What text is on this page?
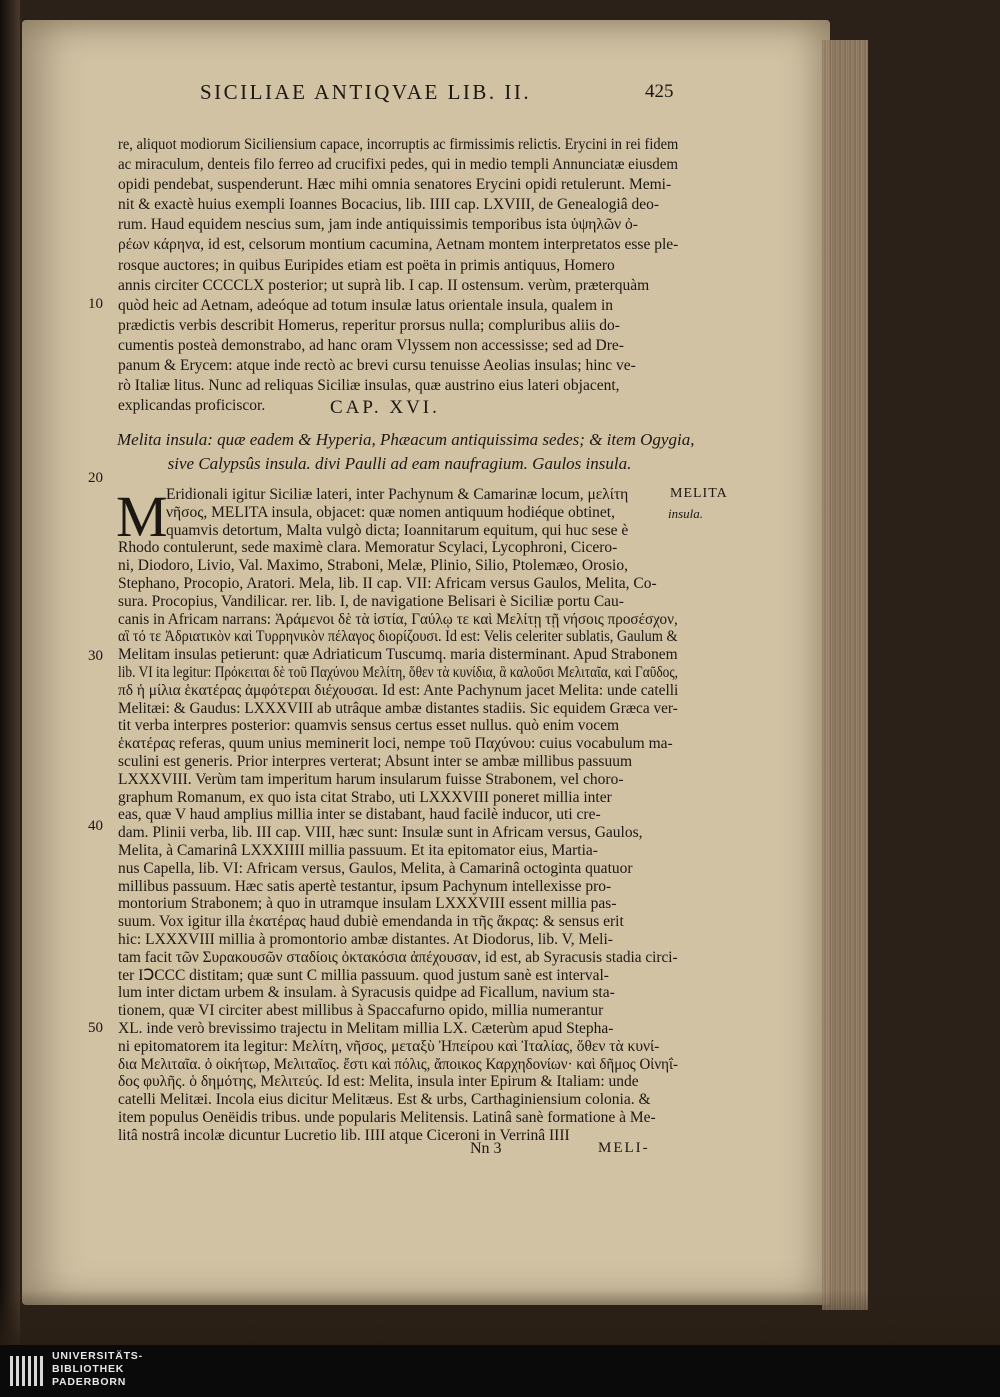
SICILIAE ANTIQVAE LIB. II.	425
re, aliquot modiorum Siciliensium capace, incorruptis ac firmissimis relictis. Erycini in rei fidem
ac miraculum, denteis filo ferreo ad crucifixi pedes, qui in medio templi Annunciatæ eiusdem
opidi pendebat, suspenderunt. Hæc mihi omnia senatores Erycini opidi retulerunt. Memi-
nit & exactè huius exempli Ioannes Bocacius, lib. IIII cap. LXVIII, de Genealogiâ deo-
rum. Haud equidem nescius sum, jam inde antiquissimis temporibus ista ὑψηλῶν ὀ-
ρέων κάρηνα, id est, celsorum montium cacumina, Aetnam montem interpretatos esse ple-
rosque auctores; in quibus Euripides etiam est poëta in primis antiquus, Homero
annis circiter CCCCLX posterior; ut suprà lib. I cap. II ostensum. verùm, præterquàm
quòd heic ad Aetnam, adeóque ad totum insulæ latus orientale insula, qualem in
prædictis verbis describit Homerus, reperitur prorsus nulla; compluribus aliis do-
cumentis posteà demonstrabo, ad hanc oram Vlyssem non accessisse; sed ad Dre-
panum & Erycem: atque inde rectò ac brevi cursu tenuisse Aeolias insulas; hinc ve-
rò Italiæ litus. Nunc ad reliquas Siciliæ insulas, quæ austrino eius lateri objacent,
explicandas proficiscor.	CAP. XVI.
Melita insula: quæ eadem & Hyperia, Phæacum antiquissima sedes; & item Ogygia,
sive Calypsûs insula. divi Paulli ad eam naufragium. Gaulos insula.
M
Eridionali igitur Siciliæ lateri, inter Pachynum & Camarinæ locum, μελίτη
νῆσος, MELITA insula, objacet: quæ nomen antiquum hodiéque obtinet,
quamvis detortum, Malta vulgò dicta; Ioannitarum equitum, qui huc sese è
Rhodo contulerunt, sede maximè clara. Memoratur Scylaci, Lycophroni, Cicero-
ni, Diodoro, Livio, Val. Maximo, Straboni, Melæ, Plinio, Silio, Ptolemæo, Orosio,
Stephano, Procopio, Aratori. Mela, lib. II cap. VII: Africam versus Gaulos, Melita, Co-
sura. Procopius, Vandilicar. rer. lib. I, de navigatione Belisari è Siciliæ portu Cau-
canis in Africam narrans: Ἀράμενοι δὲ τὰ ἱστία, Γαύλῳ τε καὶ Μελίτῃ τῇ νήσοις προσέσχον,
αἳ τό τε Ἀδριατικὸν καὶ Τυρρηνικὸν πέλαγος διορίζουσι. Id est: Velis celeriter sublatis, Gaulum &
Melitam insulas petierunt: quæ Adriaticum Tuscumq. maria disterminant. Apud Strabonem
lib. VI ita legitur: Πρόκειται δὲ τοῦ Παχύνου Μελίτη, ὅθεν τὰ κυνίδια, ἃ καλοῦσι Μελιταῖα, καὶ Γαῦδος,
πδ ἡ μίλια ἑκατέρας ἀμφότεραι διέχουσαι. Id est: Ante Pachynum jacet Melita: unde catelli
Melitæi: & Gaudus: LXXXVIII ab utrâque ambæ distantes stadiis. Sic equidem Græca ver-
tit verba interpres posterior: quamvis sensus certus esset nullus. quò enim vocem
ἑκατέρας referas, quum unius meminerit loci, nempe τοῦ Παχύνου: cuius vocabulum ma-
sculini est generis. Prior interpres verterat; Absunt inter se ambæ millibus passuum
LXXXVIII. Verùm tam imperitum harum insularum fuisse Strabonem, vel choro-
graphum Romanum, ex quo ista citat Strabo, uti LXXXVIII poneret millia inter
eas, quæ V haud amplius millia inter se distabant, haud facilè inducor, uti cre-
dam. Plinii verba, lib. III cap. VIII, hæc sunt: Insulæ sunt in Africam versus, Gaulos,
Melita, à Camarinâ LXXXIIII millia passuum. Et ita epitomator eius, Martia-
nus Capella, lib. VI: Africam versus, Gaulos, Melita, à Camarinâ octoginta quatuor
millibus passuum. Hæc satis apertè testantur, ipsum Pachynum intellexisse pro-
montorium Strabonem; à quo in utramque insulam LXXXVIII essent millia pas-
suum. Vox igitur illa ἑκατέρας haud dubiè emendanda in τῆς ἄκρας: & sensus erit
hic: LXXXVIII millia à promontorio ambæ distantes. At Diodorus, lib. V, Meli-
tam facit τῶν Συρακουσῶν σταδίοις ὀκτακόσια ἀπέχουσαν, id est, ab Syracusis stadia circi-
ter IↃCCC distitam; quæ sunt C millia passuum. quod justum sanè est interval-
lum inter dictam urbem & insulam. à Syracusis quidpe ad Ficallum, navium sta-
tionem, quæ VI circiter abest millibus à Spaccafurno opido, millia numerantur
XL. inde verò brevissimo trajectu in Melitam millia LX. Cæterùm apud Stepha-
ni epitomatorem ita legitur: Μελίτη, νῆσος, μεταξὺ Ἠπείρου καὶ Ἰταλίας, ὅθεν τὰ κυνί-
δια Μελιταῖα. ὁ οἰκήτωρ, Μελιταῖος. ἔστι καὶ πόλις, ἄποικος Καρχηδονίων· καὶ δῆμος Οἰνηΐ-
δος φυλῆς. ὁ δημότης, Μελιτεύς. Id est: Melita, insula inter Epirum & Italiam: unde
catelli Melitæi. Incola eius dicitur Melitæus. Est & urbs, Carthaginiensium colonia. &
item populus Oenëidis tribus. unde popularis Melitensis. Latinâ sanè formatione à Me-
litâ nostrâ incolæ dicuntur Lucretio lib. IIII atque Ciceroni in Verrinâ IIII
MELITA
insula.
10
20
30
40
50
Nn 3	MELI-
UNIVERSITÄTS-
BIBLIOTHEK
PADERBORN
